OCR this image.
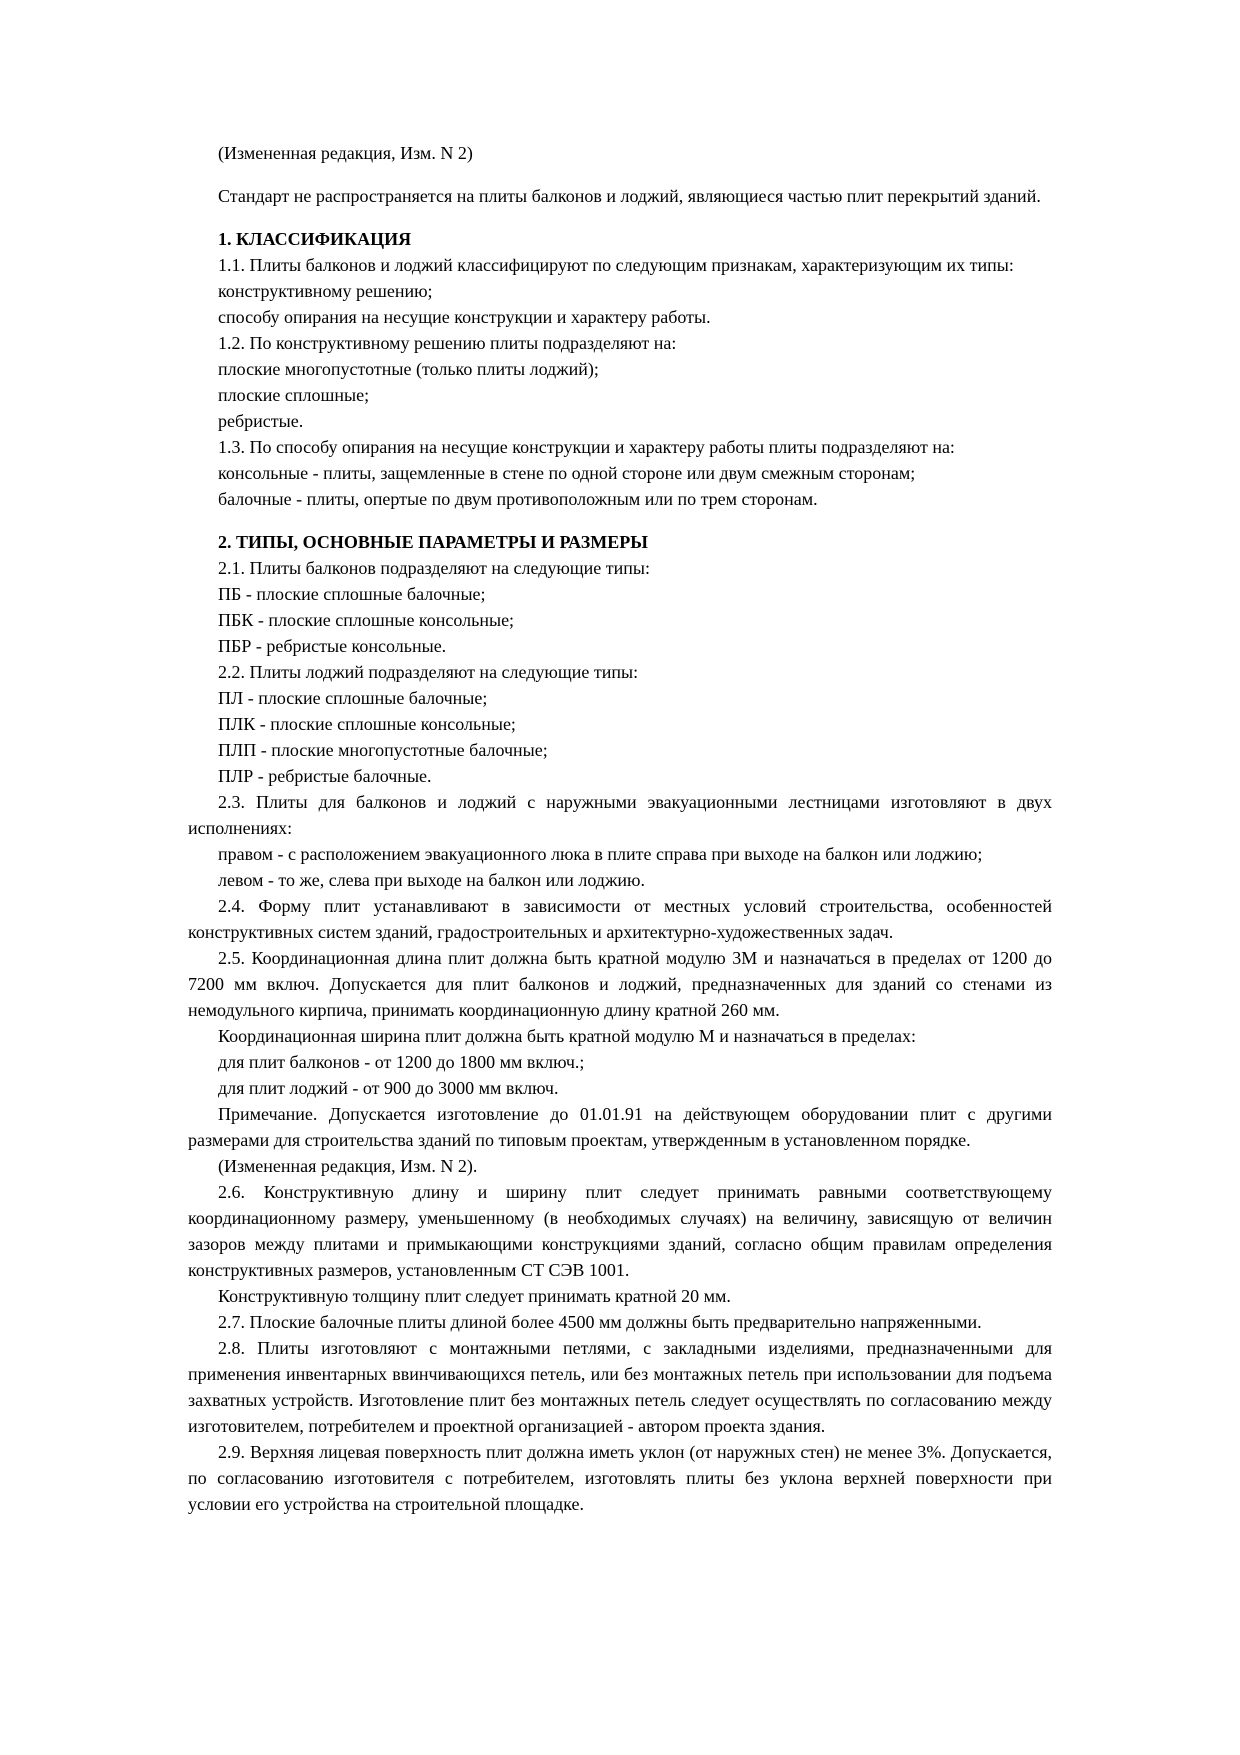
(Измененная редакция, Изм. N 2)

Стандарт не распространяется на плиты балконов и лоджий, являющиеся частью плит перекрытий зданий.

1. КЛАССИФИКАЦИЯ

1.1. Плиты балконов и лоджий классифицируют по следующим признакам, характеризующим их типы:

конструктивному решению;

способу опирания на несущие конструкции и характеру работы.

1.2. По конструктивному решению плиты подразделяют на:

плоские многопустотные (только плиты лоджий);

плоские сплошные;

ребристые.

1.3. По способу опирания на несущие конструкции и характеру работы плиты подразделяют на:

консольные - плиты, защемленные в стене по одной стороне или двум смежным сторонам;

балочные - плиты, опертые по двум противоположным или по трем сторонам.

2. ТИПЫ, ОСНОВНЫЕ ПАРАМЕТРЫ И РАЗМЕРЫ

2.1. Плиты балконов подразделяют на следующие типы:

ПБ - плоские сплошные балочные;

ПБК - плоские сплошные консольные;

ПБР - ребристые консольные.

2.2. Плиты лоджий подразделяют на следующие типы:

ПЛ - плоские сплошные балочные;

ПЛК - плоские сплошные консольные;

ПЛП - плоские многопустотные балочные;

ПЛР - ребристые балочные.

2.3. Плиты для балконов и лоджий с наружными эвакуационными лестницами изготовляют в двух исполнениях:

правом - с расположением эвакуационного люка в плите справа при выходе на балкон или лоджию;

левом - то же, слева при выходе на балкон или лоджию.

2.4. Форму плит устанавливают в зависимости от местных условий строительства, особенностей конструктивных систем зданий, градостроительных и архитектурно-художественных задач.

2.5. Координационная длина плит должна быть кратной модулю 3М и назначаться в пределах от 1200 до 7200 мм включ. Допускается для плит балконов и лоджий, предназначенных для зданий со стенами из немодульного кирпича, принимать координационную длину кратной 260 мм.

Координационная ширина плит должна быть кратной модулю М и назначаться в пределах:

для плит балконов - от 1200 до 1800 мм включ.;

для плит лоджий - от 900 до 3000 мм включ.

Примечание. Допускается изготовление до 01.01.91 на действующем оборудовании плит с другими размерами для строительства зданий по типовым проектам, утвержденным в установленном порядке.

(Измененная редакция, Изм. N 2).

2.6. Конструктивную длину и ширину плит следует принимать равными соответствующему координационному размеру, уменьшенному (в необходимых случаях) на величину, зависящую от величин зазоров между плитами и примыкающими конструкциями зданий, согласно общим правилам определения конструктивных размеров, установленным СТ СЭВ 1001.

Конструктивную толщину плит следует принимать кратной 20 мм.

2.7. Плоские балочные плиты длиной более 4500 мм должны быть предварительно напряженными.

2.8. Плиты изготовляют с монтажными петлями, с закладными изделиями, предназначенными для применения инвентарных ввинчивающихся петель, или без монтажных петель при использовании для подъема захватных устройств. Изготовление плит без монтажных петель следует осуществлять по согласованию между изготовителем, потребителем и проектной организацией - автором проекта здания.

2.9. Верхняя лицевая поверхность плит должна иметь уклон (от наружных стен) не менее 3%. Допускается, по согласованию изготовителя с потребителем, изготовлять плиты без уклона верхней поверхности при условии его устройства на строительной площадке.
